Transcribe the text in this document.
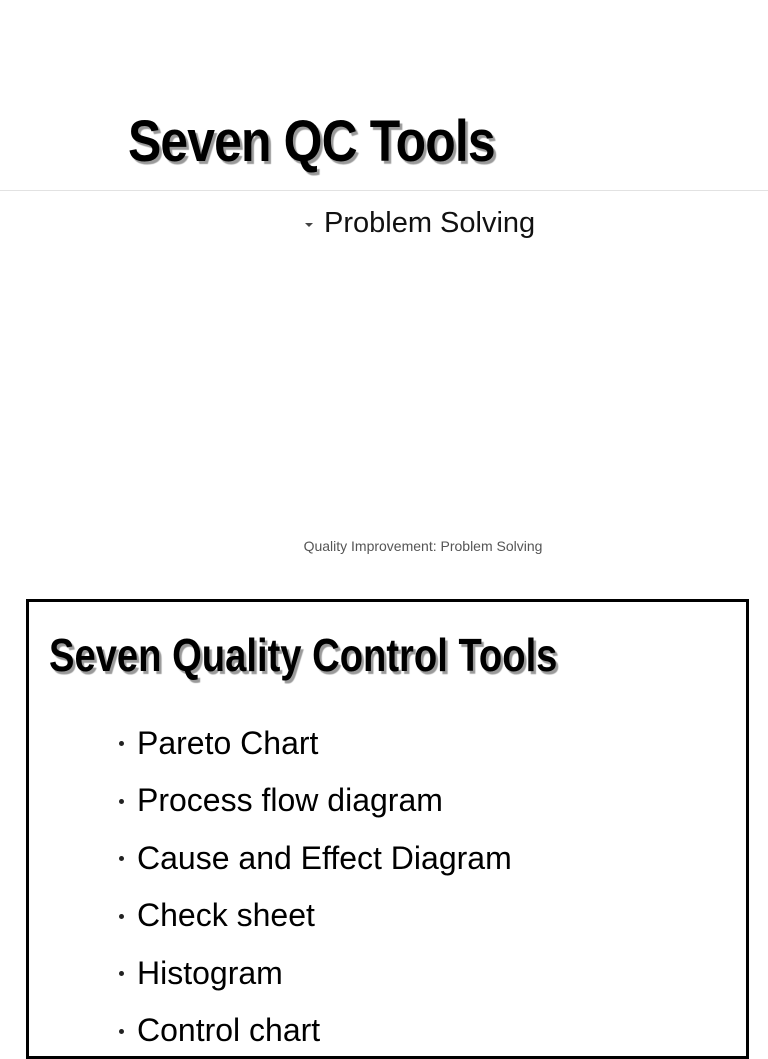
Seven QC Tools
Problem Solving
Quality Improvement: Problem Solving
Seven Quality Control Tools
Pareto Chart
Process flow diagram
Cause and Effect Diagram
Check sheet
Histogram
Control chart
